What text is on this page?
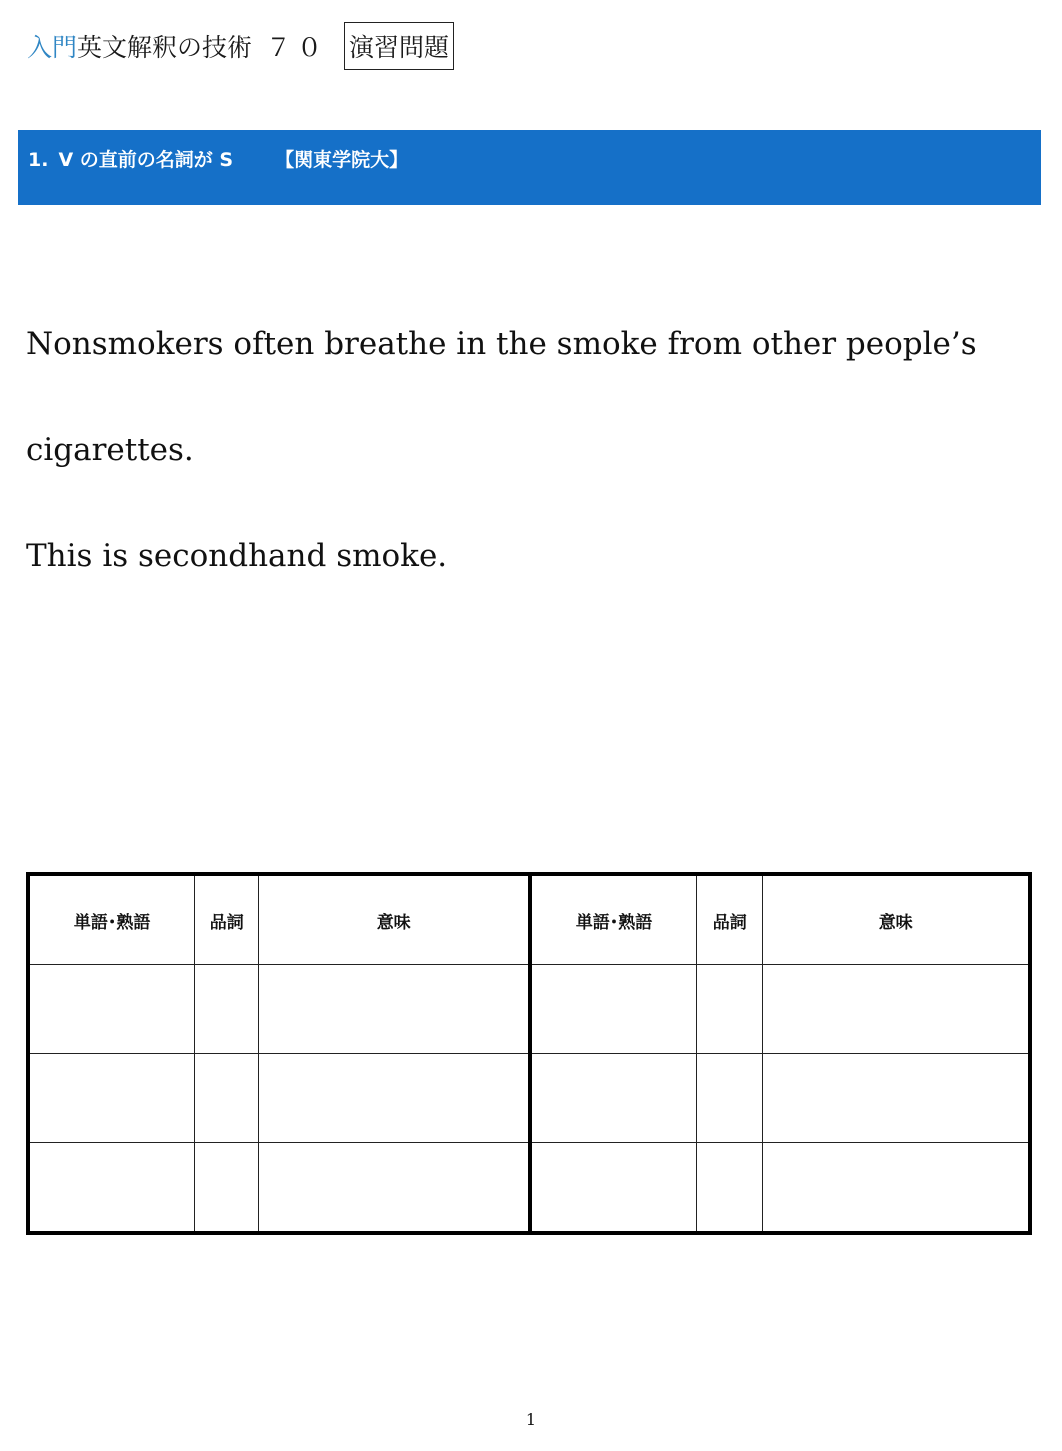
入門 英文解釈の技術 ７０ 演習問題
1. V の直前の名詞が S 【関東学院大】
Nonsmokers often breathe in the smoke from other people’s
cigarettes.
This is secondhand smoke.
単語･熟語	品詞	意味	単語･熟語	品詞	意味

1
